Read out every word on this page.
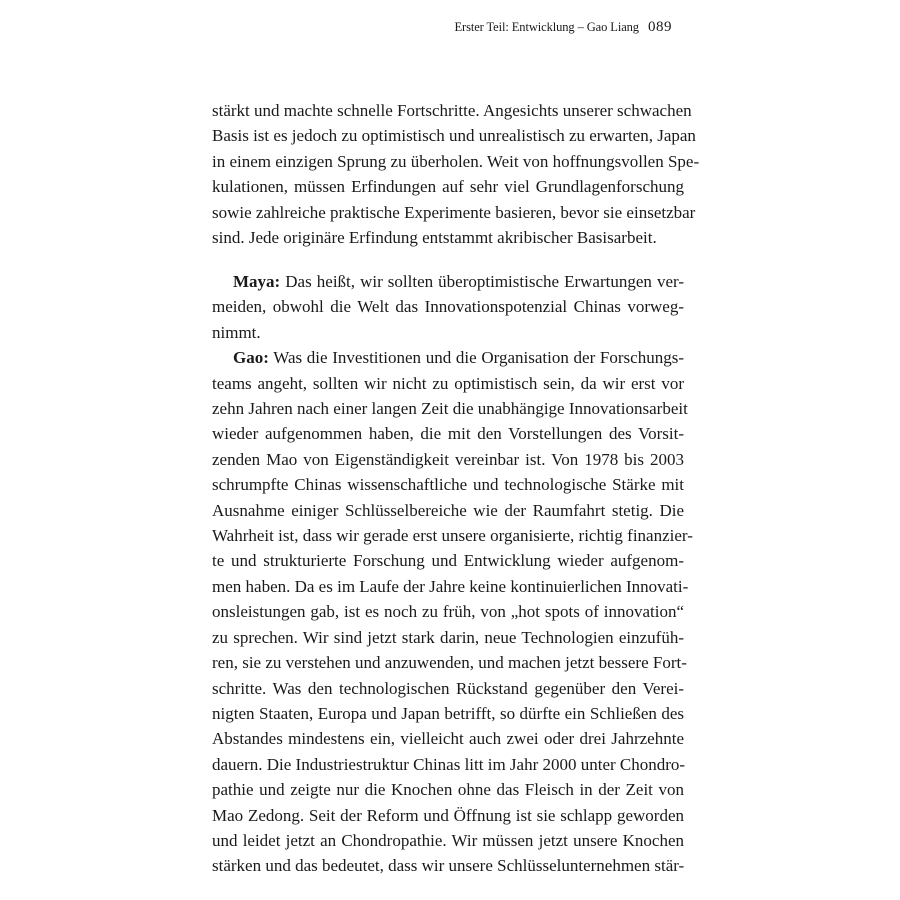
Erster Teil: Entwicklung – Gao Liang 089
stärkt und machte schnelle Fortschritte. Angesichts unserer schwachen
Basis ist es jedoch zu optimistisch und unrealistisch zu erwarten, Japan
in einem einzigen Sprung zu überholen. Weit von hoffnungsvollen Spe-
kulationen, müssen Erfindungen auf sehr viel Grundlagenforschung
sowie zahlreiche praktische Experimente basieren, bevor sie einsetzbar
sind. Jede originäre Erfindung entstammt akribischer Basisarbeit.
Maya: Das heißt, wir sollten überoptimistische Erwartungen ver-
meiden, obwohl die Welt das Innovationspotenzial Chinas vorweg-
nimmt.
Gao: Was die Investitionen und die Organisation der Forschungs-
teams angeht, sollten wir nicht zu optimistisch sein, da wir erst vor
zehn Jahren nach einer langen Zeit die unabhängige Innovationsarbeit
wieder aufgenommen haben, die mit den Vorstellungen des Vorsit-
zenden Mao von Eigenständigkeit vereinbar ist. Von 1978 bis 2003
schrumpfte Chinas wissenschaftliche und technologische Stärke mit
Ausnahme einiger Schlüsselbereiche wie der Raumfahrt stetig. Die
Wahrheit ist, dass wir gerade erst unsere organisierte, richtig finanzier-
te und strukturierte Forschung und Entwicklung wieder aufgenom-
men haben. Da es im Laufe der Jahre keine kontinuierlichen Innovati-
onsleistungen gab, ist es noch zu früh, von „hot spots of innovation“
zu sprechen. Wir sind jetzt stark darin, neue Technologien einzufüh-
ren, sie zu verstehen und anzuwenden, und machen jetzt bessere Fort-
schritte. Was den technologischen Rückstand gegenüber den Verei-
nigten Staaten, Europa und Japan betrifft, so dürfte ein Schließen des
Abstandes mindestens ein, vielleicht auch zwei oder drei Jahrzehnte
dauern. Die Industriestruktur Chinas litt im Jahr 2000 unter Chondro-
pathie und zeigte nur die Knochen ohne das Fleisch in der Zeit von
Mao Zedong. Seit der Reform und Öffnung ist sie schlapp geworden
und leidet jetzt an Chondropathie. Wir müssen jetzt unsere Knochen
stärken und das bedeutet, dass wir unsere Schlüsselunternehmen stär-
